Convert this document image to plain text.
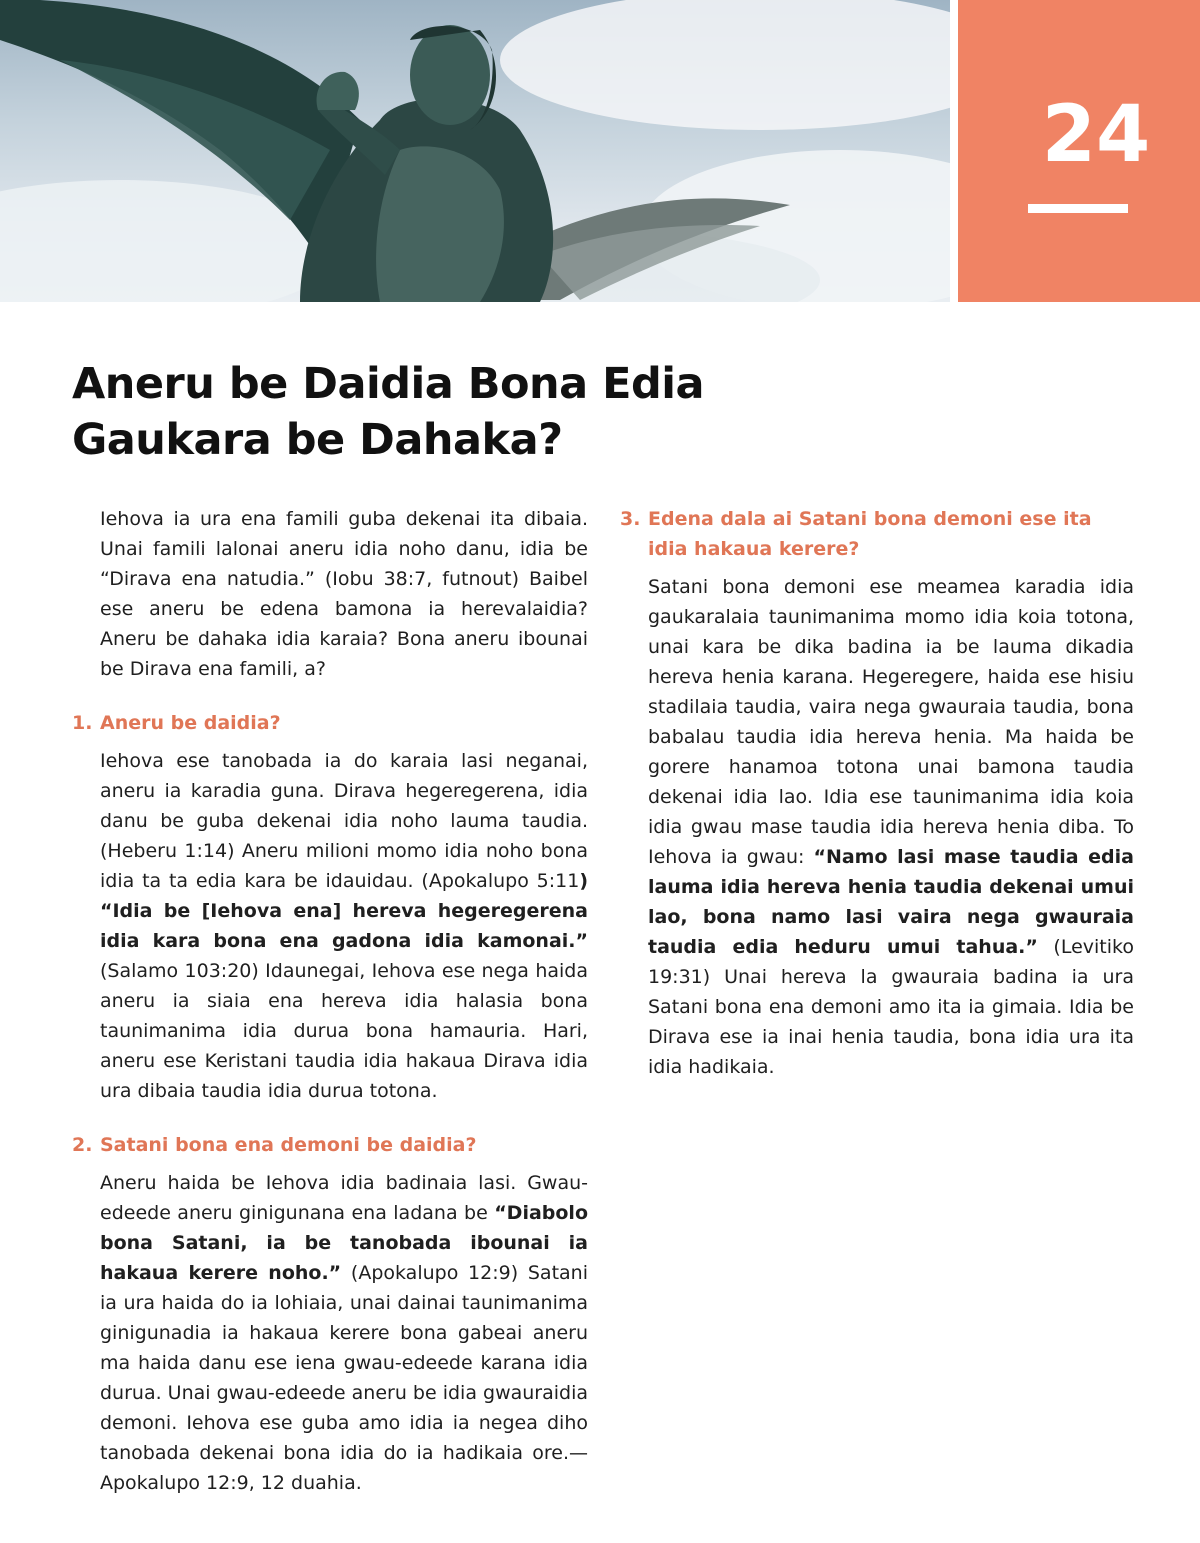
24
Aneru be Daidia Bona Edia
Gaukara be Dahaka?

Iehova ia ura ena famili guba dekenai ita dibaia. Unai famili lalonai aneru idia noho danu, idia be “Dirava ena natudia.” (Iobu 38:7, futnout) Baibel ese aneru be edena bamona ia herevalaidia? Aneru be dahaka idia karaia? Bona aneru ibounai be Dirava ena famili, a?

1. Aneru be daidia?

Iehova ese tanobada ia do karaia lasi neganai, aneru ia karadia guna. Dirava hegeregerena, idia danu be guba dekenai idia noho lauma taudia. (Heberu 1:14) Aneru milioni momo idia noho bona idia ta ta edia kara be idauidau. (Apokalupo 5:11) “Idia be [Iehova ena] hereva hegeregerena idia kara bona ena gadona idia kamonai.” (Salamo 103:20) Idaunegai, Iehova ese nega haida aneru ia siaia ena hereva idia halasia bona taunimanima idia durua bona hamauria. Hari, aneru ese Keristani taudia idia hakaua Dirava idia ura dibaia taudia idia durua totona.

2. Satani bona ena demoni be daidia?

Aneru haida be Iehova idia badinaia lasi. Gwau-edeede aneru ginigunana ena ladana be “Diabolo bona Satani, ia be tanobada ibounai ia hakaua kerere noho.” (Apokalupo 12:9) Satani ia ura haida do ia lohiaia, unai dainai taunimanima ginigunadia ia hakaua kerere bona gabeai aneru ma haida danu ese iena gwau-edeede karana idia durua. Unai gwau-edeede aneru be idia gwauraidia demoni. Iehova ese guba amo idia ia negea diho tanobada dekenai bona idia do ia hadikaia ore.—Apokalupo 12:9, 12 duahia.

3. Edena dala ai Satani bona demoni ese ita idia hakaua kerere?

Satani bona demoni ese meamea karadia idia gaukaralaia taunimanima momo idia koia totona, unai kara be dika badina ia be lauma dikadia hereva henia karana. Hegeregere, haida ese hisiu stadilaia taudia, vaira nega gwauraia taudia, bona babalau taudia idia hereva henia. Ma haida be gorere hanamoa totona unai bamona taudia dekenai idia lao. Idia ese taunimanima idia koia idia gwau mase taudia idia hereva henia diba. To Iehova ia gwau: “Namo lasi mase taudia edia lauma idia hereva henia taudia dekenai umui lao, bona namo lasi vaira nega gwauraia taudia edia heduru umui tahua.” (Levitiko 19:31) Unai hereva la gwauraia badina ia ura Satani bona ena demoni amo ita ia gimaia. Idia be Dirava ese ia inai henia taudia, bona idia ura ita idia hadikaia.
